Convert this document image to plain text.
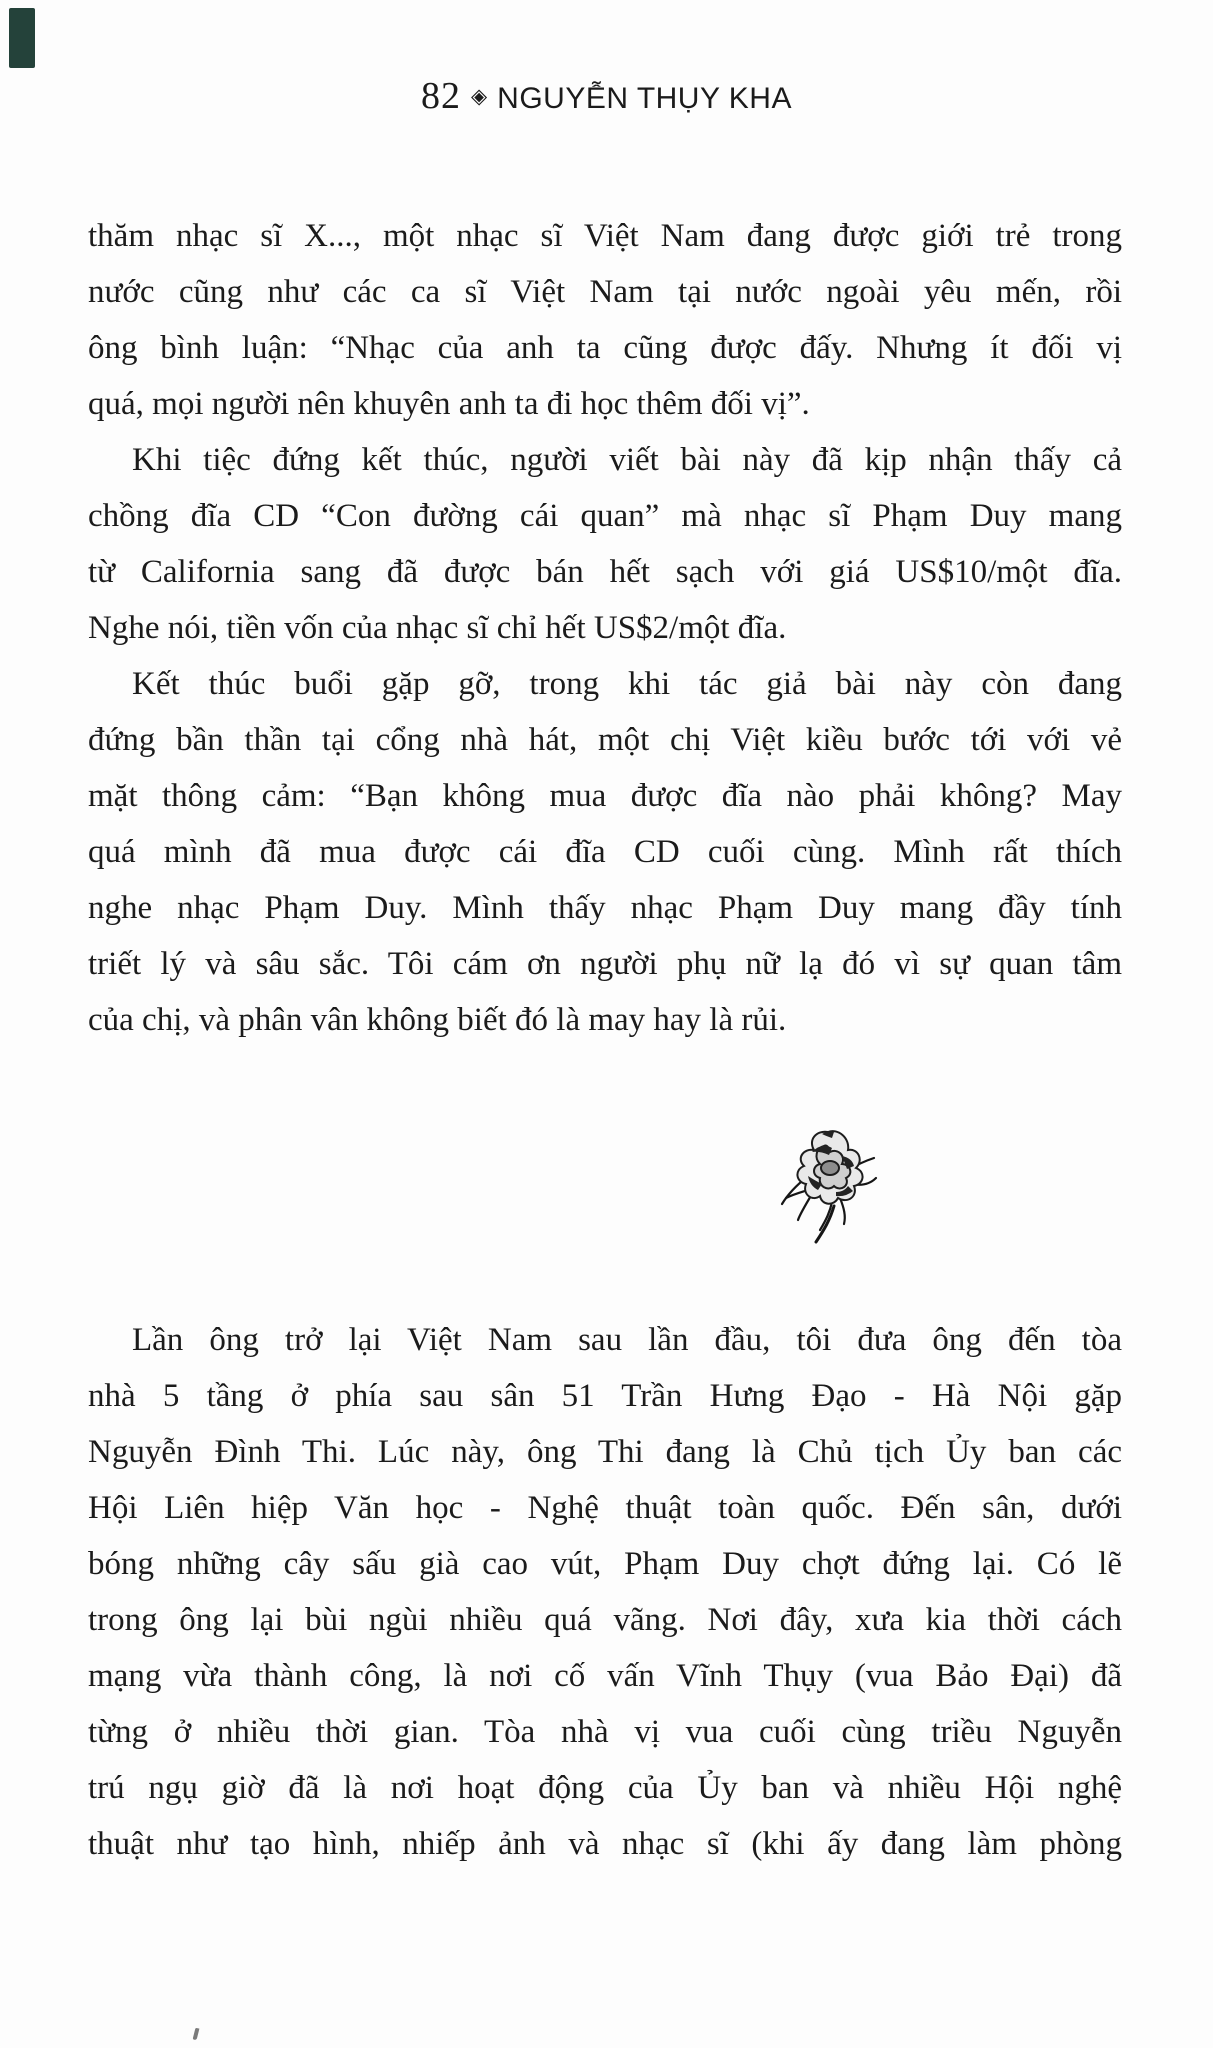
82 ◈ NGUYỄN THỤY KHA
thăm nhạc sĩ X..., một nhạc sĩ Việt Nam đang được giới trẻ trong
nước cũng như các ca sĩ Việt Nam tại nước ngoài yêu mến, rồi
ông bình luận: “Nhạc của anh ta cũng được đấy. Nhưng ít đối vị
quá, mọi người nên khuyên anh ta đi học thêm đối vị”.
Khi tiệc đứng kết thúc, người viết bài này đã kịp nhận thấy cả
chồng đĩa CD “Con đường cái quan” mà nhạc sĩ Phạm Duy mang
từ California sang đã được bán hết sạch với giá US$10/một đĩa.
Nghe nói, tiền vốn của nhạc sĩ chỉ hết US$2/một đĩa.
Kết thúc buổi gặp gỡ, trong khi tác giả bài này còn đang
đứng bần thần tại cổng nhà hát, một chị Việt kiều bước tới với vẻ
mặt thông cảm: “Bạn không mua được đĩa nào phải không? May
quá mình đã mua được cái đĩa CD cuối cùng. Mình rất thích
nghe nhạc Phạm Duy. Mình thấy nhạc Phạm Duy mang đầy tính
triết lý và sâu sắc. Tôi cám ơn người phụ nữ lạ đó vì sự quan tâm
của chị, và phân vân không biết đó là may hay là rủi.
Lần ông trở lại Việt Nam sau lần đầu, tôi đưa ông đến tòa
nhà 5 tầng ở phía sau sân 51 Trần Hưng Đạo - Hà Nội gặp
Nguyễn Đình Thi. Lúc này, ông Thi đang là Chủ tịch Ủy ban các
Hội Liên hiệp Văn học - Nghệ thuật toàn quốc. Đến sân, dưới
bóng những cây sấu già cao vút, Phạm Duy chợt đứng lại. Có lẽ
trong ông lại bùi ngùi nhiều quá vãng. Nơi đây, xưa kia thời cách
mạng vừa thành công, là nơi cố vấn Vĩnh Thụy (vua Bảo Đại) đã
từng ở nhiều thời gian. Tòa nhà vị vua cuối cùng triều Nguyễn
trú ngụ giờ đã là nơi hoạt động của Ủy ban và nhiều Hội nghệ
thuật như tạo hình, nhiếp ảnh và nhạc sĩ (khi ấy đang làm phòng
